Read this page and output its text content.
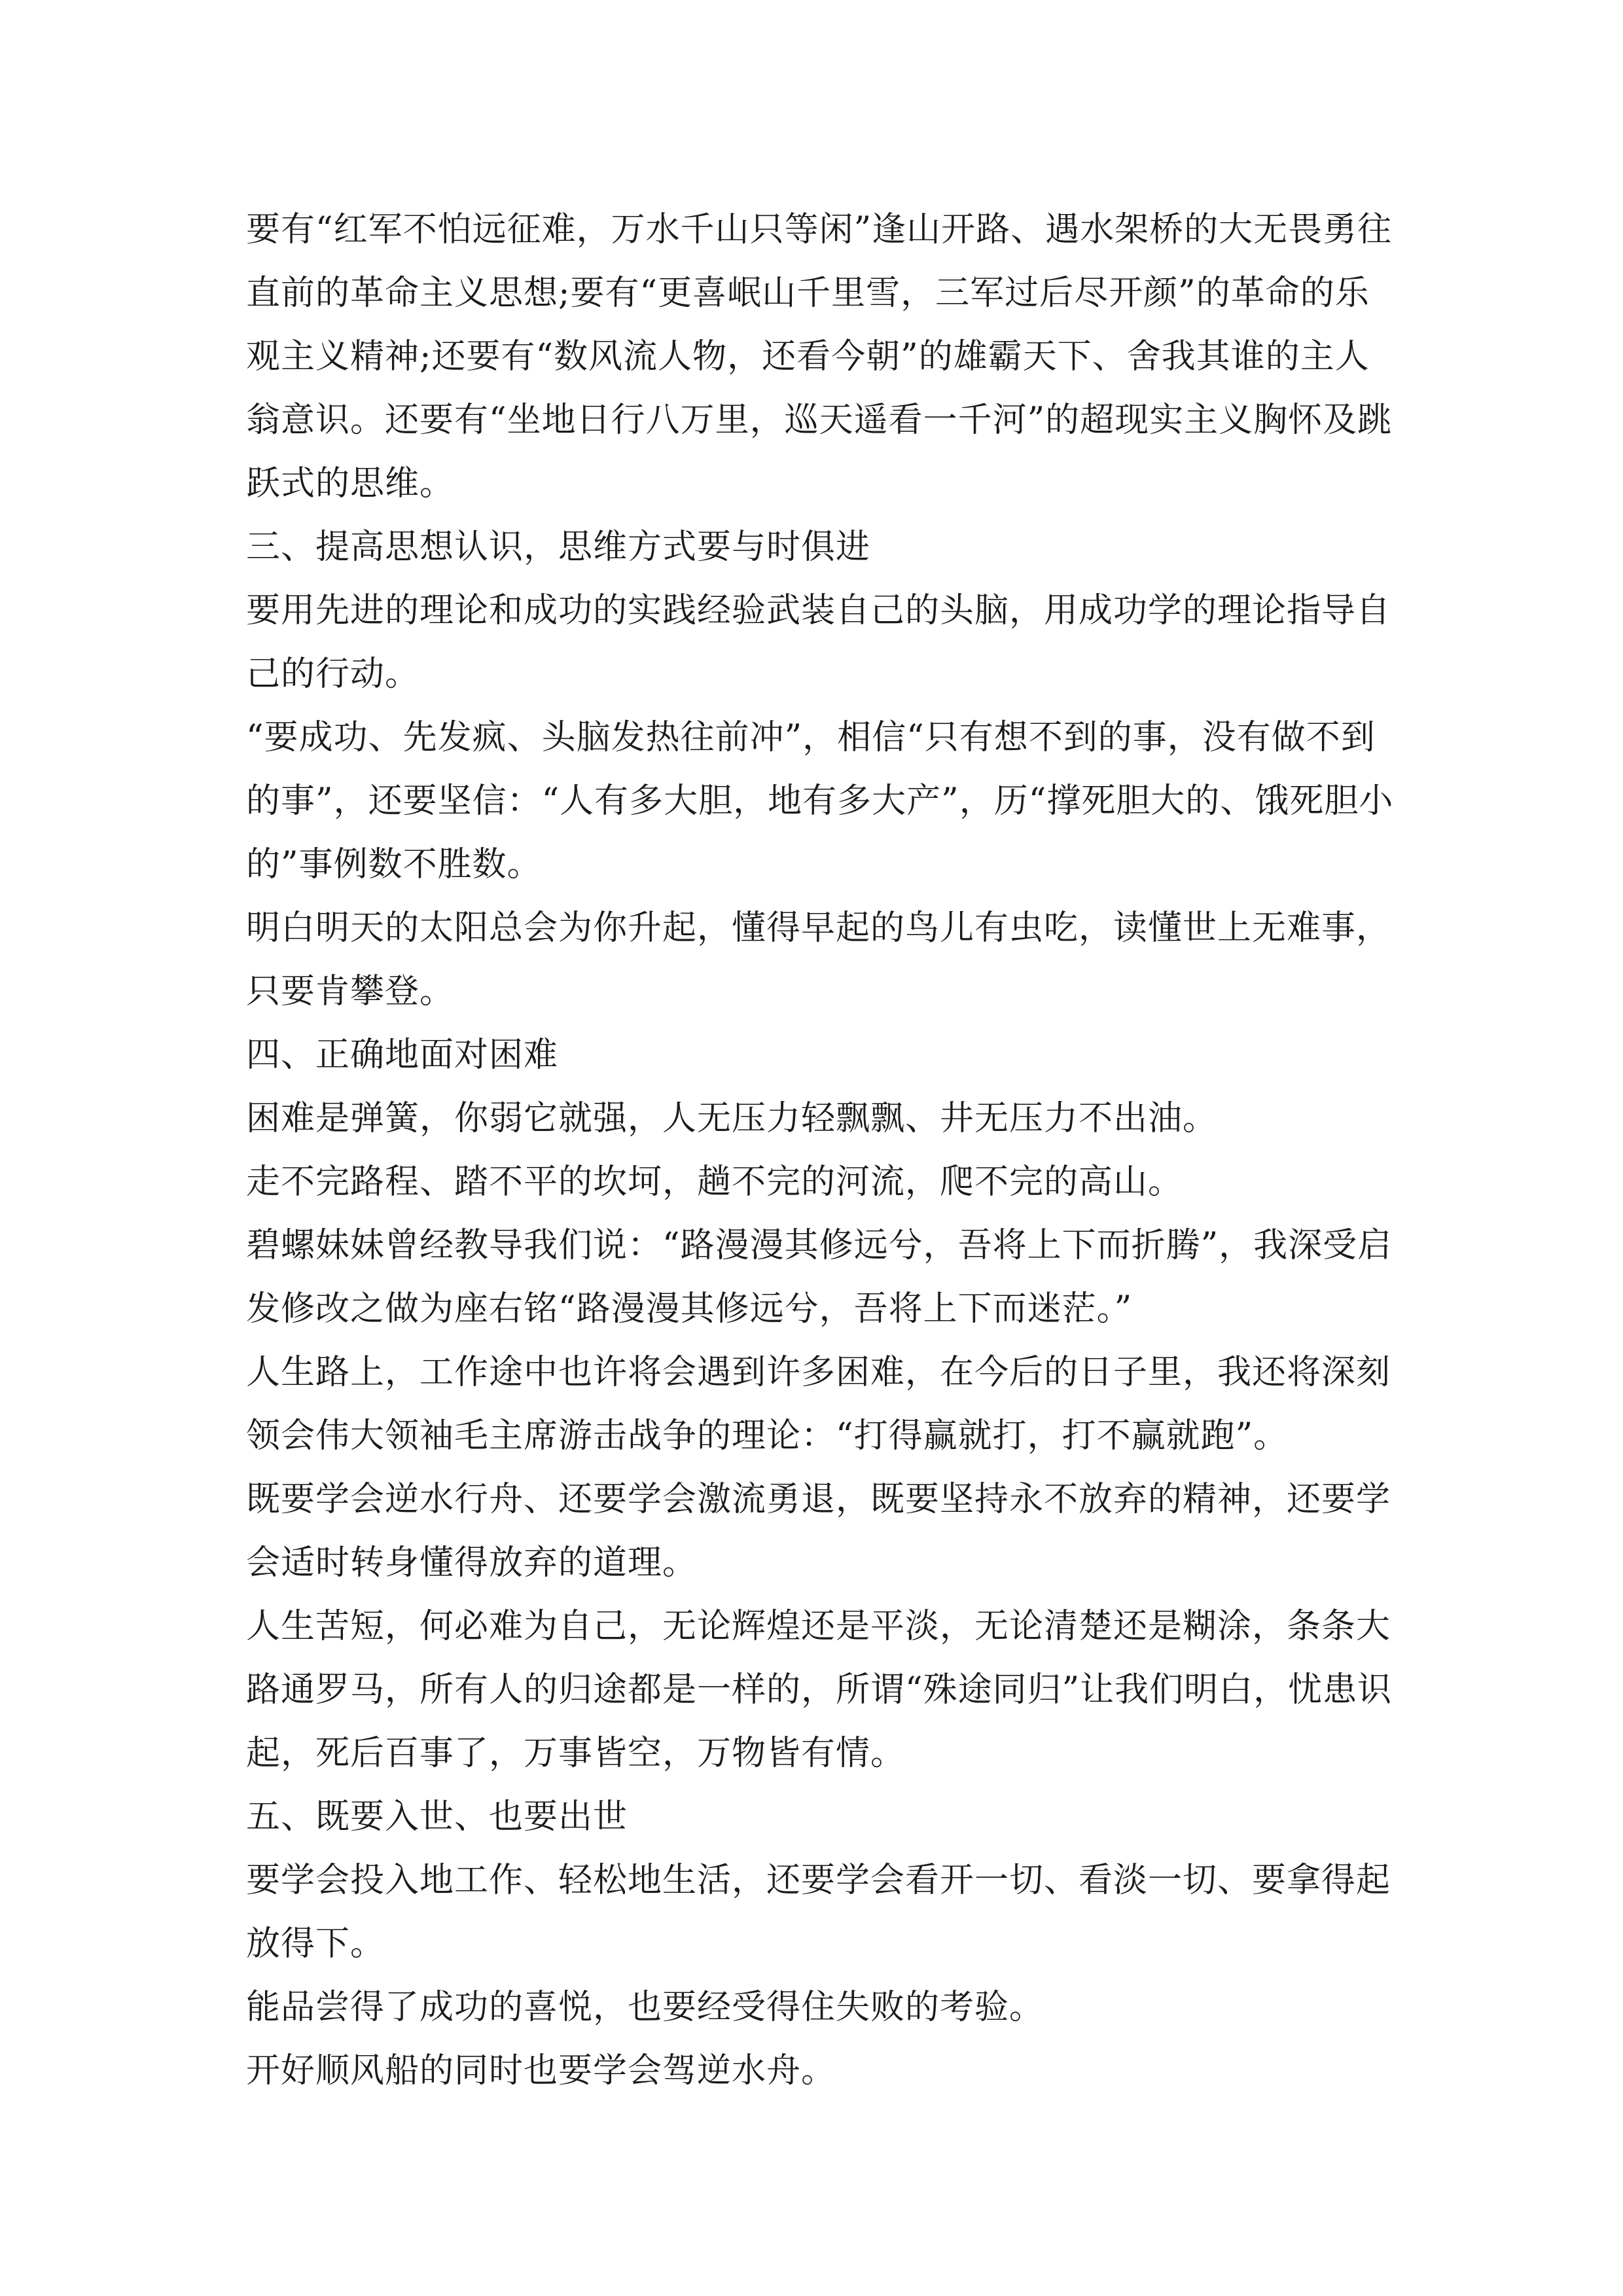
要有“红军不怕远征难，万水千山只等闲”逢山开路、遇水架桥的大无畏勇往直前的革命主义思想;要有“更喜岷山千里雪，三军过后尽开颜”的革命的乐观主义精神;还要有“数风流人物，还看今朝”的雄霸天下、舍我其谁的主人翁意识。还要有“坐地日行八万里，巡天遥看一千河”的超现实主义胸怀及跳跃式的思维。

三、提高思想认识，思维方式要与时俱进

要用先进的理论和成功的实践经验武装自己的头脑，用成功学的理论指导自己的行动。

“要成功、先发疯、头脑发热往前冲”，相信“只有想不到的事，没有做不到的事”，还要坚信：“人有多大胆，地有多大产”，历“撑死胆大的、饿死胆小的”事例数不胜数。

明白明天的太阳总会为你升起，懂得早起的鸟儿有虫吃，读懂世上无难事，只要肯攀登。

四、正确地面对困难

困难是弹簧，你弱它就强，人无压力轻飘飘、井无压力不出油。

走不完路程、踏不平的坎坷，趟不完的河流，爬不完的高山。

碧螺妹妹曾经教导我们说：“路漫漫其修远兮，吾将上下而折腾”，我深受启发修改之做为座右铭“路漫漫其修远兮，吾将上下而迷茫。”

人生路上，工作途中也许将会遇到许多困难，在今后的日子里，我还将深刻领会伟大领袖毛主席游击战争的理论：“打得赢就打，打不赢就跑”。

既要学会逆水行舟、还要学会激流勇退，既要坚持永不放弃的精神，还要学会适时转身懂得放弃的道理。

人生苦短，何必难为自己，无论辉煌还是平淡，无论清楚还是糊涂，条条大路通罗马，所有人的归途都是一样的，所谓“殊途同归”让我们明白，忧患识起，死后百事了，万事皆空，万物皆有情。

五、既要入世、也要出世

要学会投入地工作、轻松地生活，还要学会看开一切、看淡一切、要拿得起放得下。

能品尝得了成功的喜悦，也要经受得住失败的考验。

开好顺风船的同时也要学会驾逆水舟。
